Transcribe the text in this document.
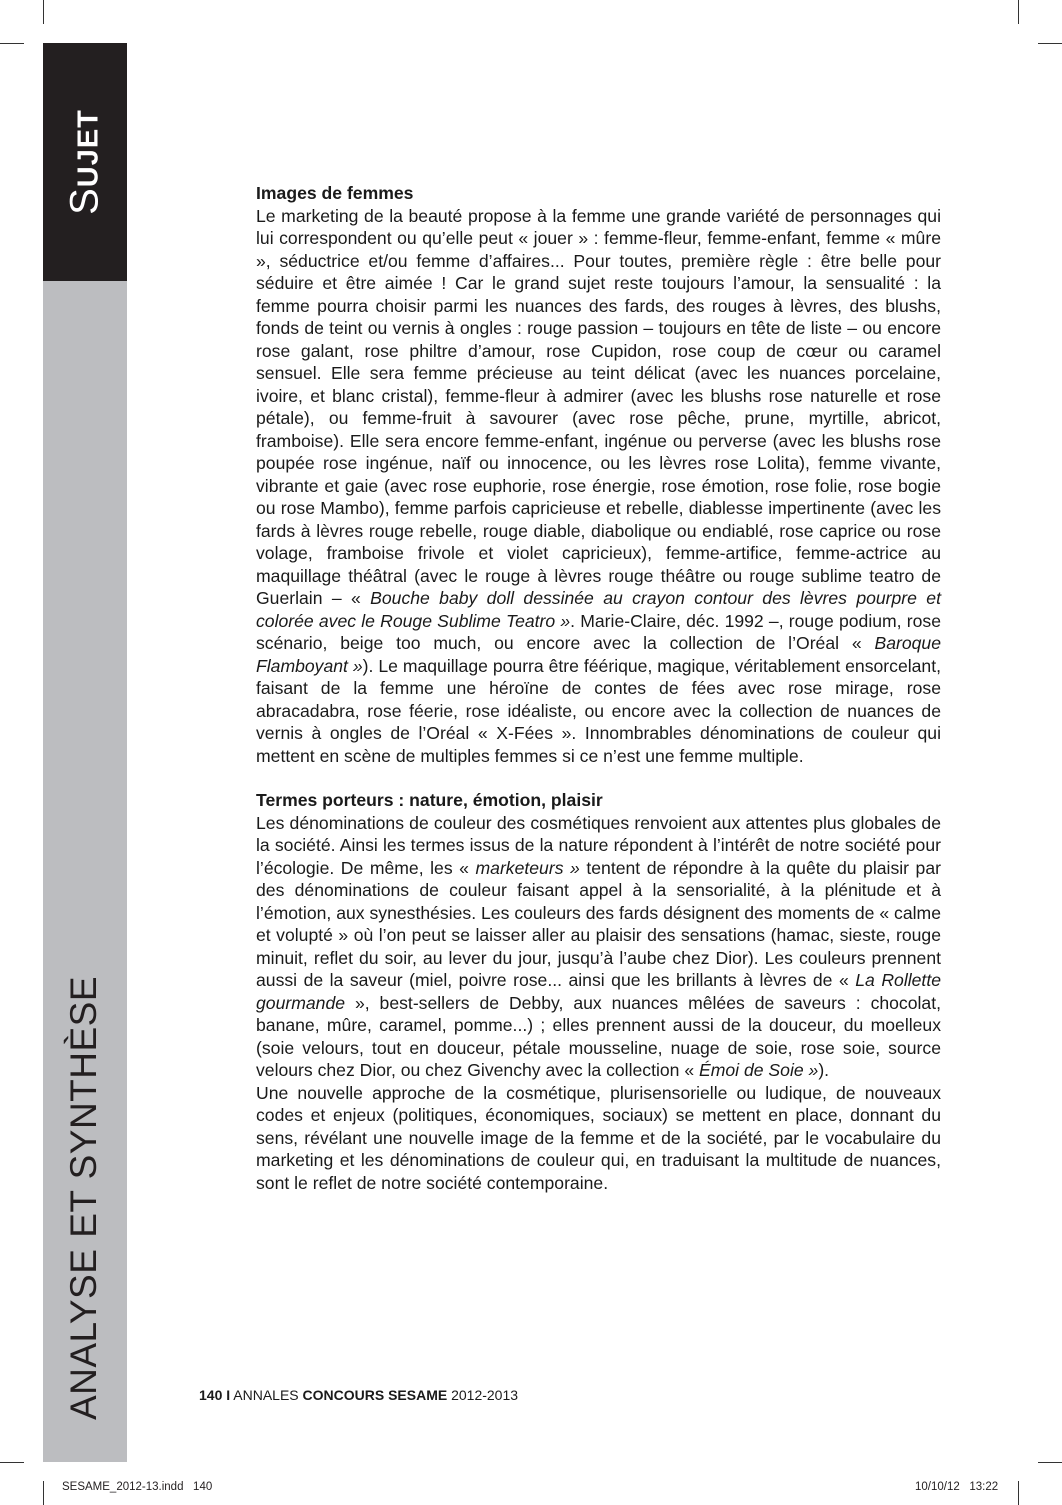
SUJET
ANALYSE ET SYNTHÈSE
Images de femmes

Le marketing de la beauté propose à la femme une grande variété de personnages qui lui correspondent ou qu’elle peut « jouer » : femme-fleur, femme-enfant, femme « mûre », séductrice et/ou femme d’affaires... Pour toutes, première règle : être belle pour séduire et être aimée ! Car le grand sujet reste toujours l’amour, la sensualité : la femme pourra choisir parmi les nuances des fards, des rouges à lèvres, des blushs, fonds de teint ou vernis à ongles : rouge passion – toujours en tête de liste – ou encore rose galant, rose philtre d’amour, rose Cupidon, rose coup de cœur ou caramel sensuel. Elle sera femme précieuse au teint délicat (avec les nuances porcelaine, ivoire, et blanc cristal), femme-fleur à admirer (avec les blushs rose naturelle et rose pétale), ou femme-fruit à savourer (avec rose pêche, prune, myrtille, abricot, framboise). Elle sera encore femme-enfant, ingénue ou perverse (avec les blushs rose poupée rose ingénue, naïf ou innocence, ou les lèvres rose Lolita), femme vivante, vibrante et gaie (avec rose euphorie, rose énergie, rose émotion, rose folie, rose bogie ou rose Mambo), femme parfois capricieuse et rebelle, diablesse impertinente (avec les fards à lèvres rouge rebelle, rouge diable, diabolique ou endiablé, rose caprice ou rose volage, framboise frivole et violet capricieux), femme-artifice, femme-actrice au maquillage théâtral (avec le rouge à lèvres rouge théâtre ou rouge sublime teatro de Guerlain – « Bouche baby doll dessinée au crayon contour des lèvres pourpre et colorée avec le Rouge Sublime Teatro ». Marie-Claire, déc. 1992 –, rouge podium, rose scénario, beige too much, ou encore avec la collection de l’Oréal « Baroque Flamboyant »). Le maquillage pourra être féérique, magique, véritablement ensorcelant, faisant de la femme une héroïne de contes de fées avec rose mirage, rose abracadabra, rose féerie, rose idéaliste, ou encore avec la collection de nuances de vernis à ongles de l’Oréal « X-Fées ». Innombrables dénominations de couleur qui mettent en scène de multiples femmes si ce n’est une femme multiple.

Termes porteurs : nature, émotion, plaisir

Les dénominations de couleur des cosmétiques renvoient aux attentes plus globales de la société. Ainsi les termes issus de la nature répondent à l’intérêt de notre société pour l’écologie. De même, les « marketeurs » tentent de répondre à la quête du plaisir par des dénominations de couleur faisant appel à la sensorialité, à la plénitude et à l’émotion, aux synesthésies. Les couleurs des fards désignent des moments de « calme et volupté » où l’on peut se laisser aller au plaisir des sensations (hamac, sieste, rouge minuit, reflet du soir, au lever du jour, jusqu’à l’aube chez Dior). Les couleurs prennent aussi de la saveur (miel, poivre rose... ainsi que les brillants à lèvres de « La Rollette gourmande », best-sellers de Debby, aux nuances mêlées de saveurs : chocolat, banane, mûre, caramel, pomme...) ; elles prennent aussi de la douceur, du moelleux (soie velours, tout en douceur, pétale mousseline, nuage de soie, rose soie, source velours chez Dior, ou chez Givenchy avec la collection « Émoi de Soie »).

Une nouvelle approche de la cosmétique, plurisensorielle ou ludique, de nouveaux codes et enjeux (politiques, économiques, sociaux) se mettent en place, donnant du sens, révélant une nouvelle image de la femme et de la société, par le vocabulaire du marketing et les dénominations de couleur qui, en traduisant la multitude de nuances, sont le reflet de notre société contemporaine.

140 I ANNALES CONCOURS SESAME 2012-2013
SESAME_2012-13.indd   140	10/10/12   13:22
